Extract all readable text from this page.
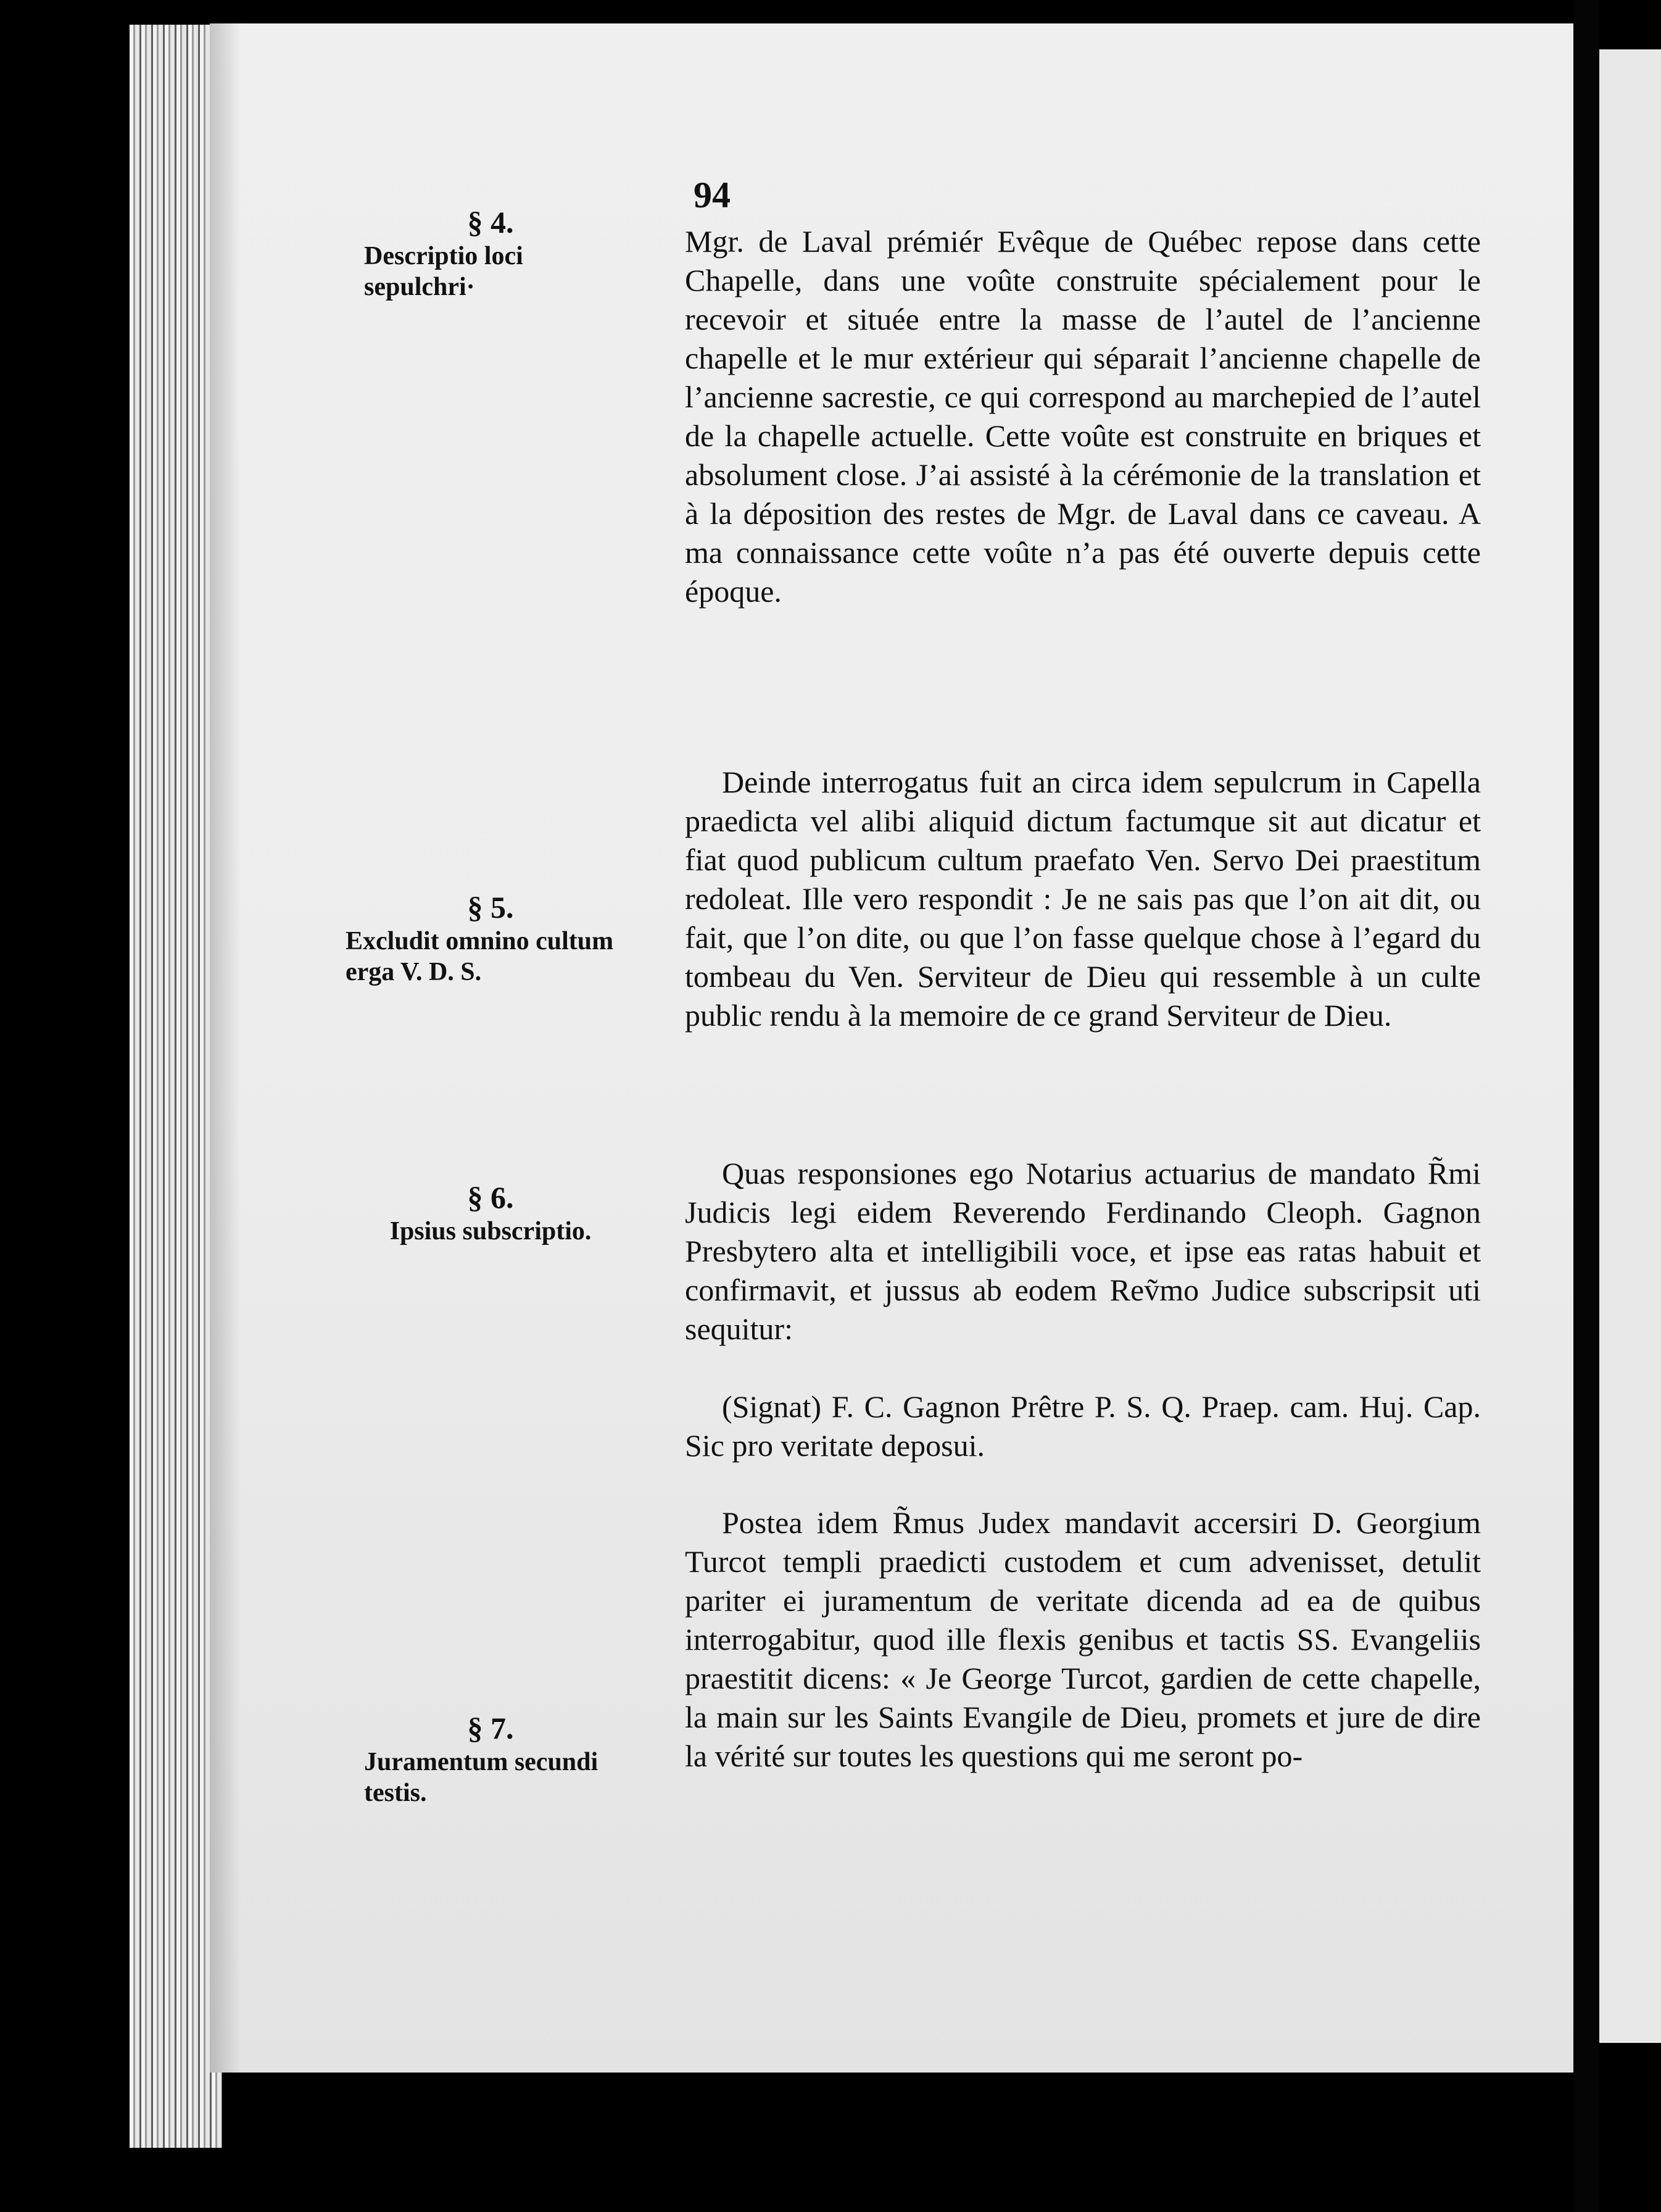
94
§ 4.
Descriptio loci sepulchri·
§ 5.
Excludit omnino cultum erga V. D. S.
§ 6.
Ipsius subscriptio.
§ 7.
Juramentum secundi testis.

Mgr. de Laval prémiér Evêque de Québec repose dans cette Chapelle, dans une voûte construite spécialement pour le recevoir et située entre la masse de l’autel de l’ancienne chapelle et le mur extérieur qui séparait l’ancienne chapelle de l’ancienne sacrestie, ce qui correspond au marchepied de l’autel de la chapelle actuelle. Cette voûte est construite en briques et absolument close. J’ai assisté à la cérémonie de la translation et à la déposition des restes de Mgr. de Laval dans ce caveau. A ma connaissance cette voûte n’a pas été ouverte depuis cette époque.

Deinde interrogatus fuit an circa idem sepulcrum in Capella praedicta vel alibi aliquid dictum factumque sit aut dicatur et fiat quod publicum cultum praefato Ven. Servo Dei praestitum redoleat. Ille vero respondit : Je ne sais pas que l’on ait dit, ou fait, que l’on dite, ou que l’on fasse quelque chose à l’egard du tombeau du Ven. Serviteur de Dieu qui ressemble à un culte public rendu à la memoire de ce grand Serviteur de Dieu.

Quas responsiones ego Notarius actuarius de mandato R̃mi Judicis legi eidem Reverendo Ferdinando Cleoph. Gagnon Presbytero alta et intelligibili voce, et ipse eas ratas habuit et confirmavit, et jussus ab eodem Reṽmo Judice subscripsit uti sequitur:

(Signat) F. C. Gagnon Prêtre P. S. Q. Praep. cam. Huj. Cap. Sic pro veritate deposui.

Postea idem R̃mus Judex mandavit accersiri D. Georgium Turcot templi praedicti custodem et cum advenisset, detulit pariter ei juramentum de veritate dicenda ad ea de quibus interrogabitur, quod ille flexis genibus et tactis SS. Evangeliis praestitit dicens: « Je George Turcot, gardien de cette chapelle, la main sur les Saints Evangile de Dieu, promets et jure de dire la vérité sur toutes les questions qui me seront po-
